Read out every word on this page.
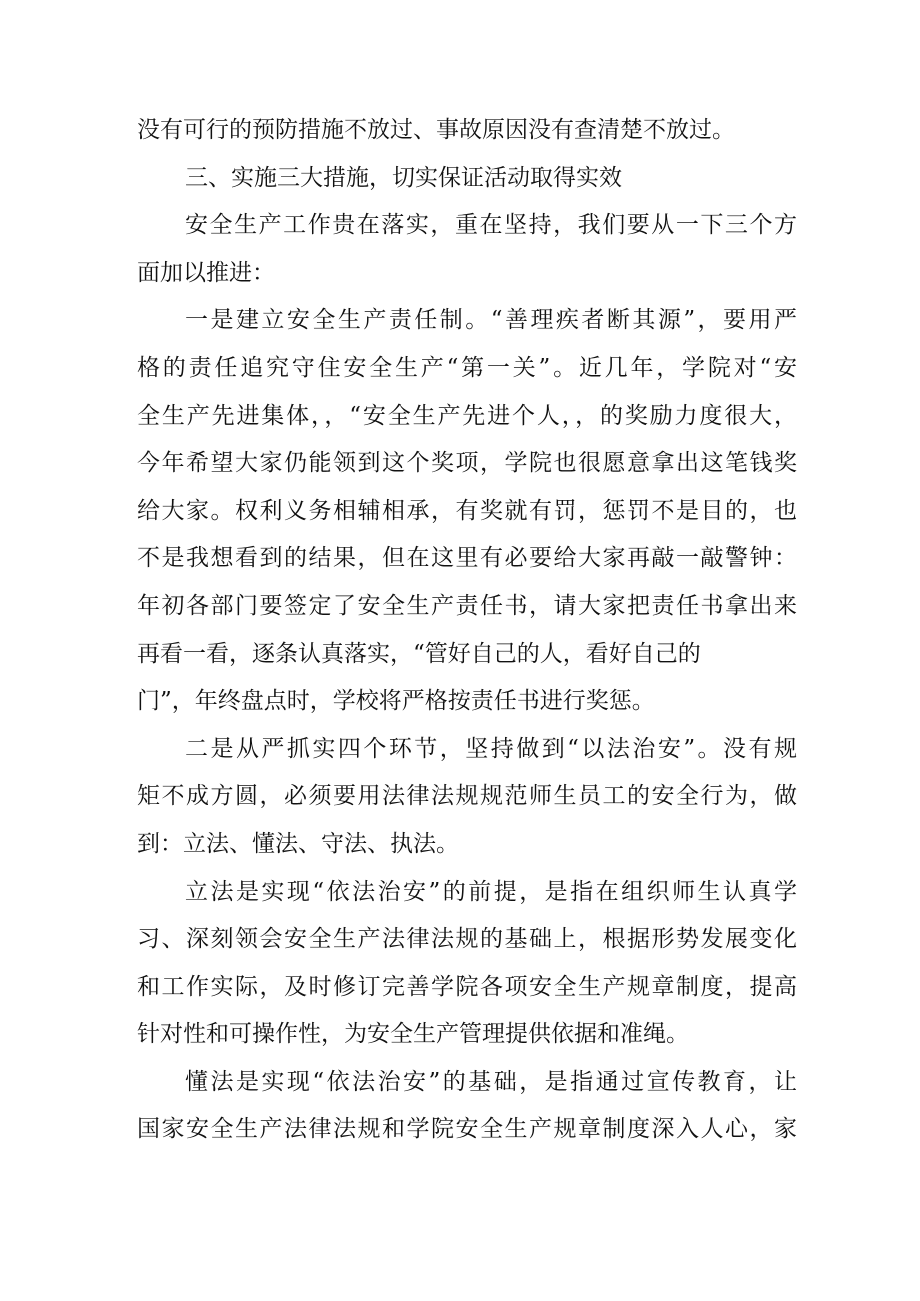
没有可行的预防措施不放过、事故原因没有查清楚不放过。
三、实施三大措施，切实保证活动取得实效
安全生产工作贵在落实，重在坚持，我们要从一下三个方
面加以推进：
一是建立安全生产责任制。“善理疾者断其源”，要用严
格的责任追究守住安全生产“第一关”。近几年，学院对“安
全生产先进集体，，“安全生产先进个人，，的奖励力度很大，
今年希望大家仍能领到这个奖项，学院也很愿意拿出这笔钱奖
给大家。权利义务相辅相承，有奖就有罚，惩罚不是目的，也
不是我想看到的结果，但在这里有必要给大家再敲一敲警钟：
年初各部门要签定了安全生产责任书，请大家把责任书拿出来
再看一看，逐条认真落实，“管好自己的人，看好自己的
门”，年终盘点时，学校将严格按责任书进行奖惩。
二是从严抓实四个环节，坚持做到“以法治安”。没有规
矩不成方圆，必须要用法律法规规范师生员工的安全行为，做
到：立法、懂法、守法、执法。
立法是实现“依法治安”的前提，是指在组织师生认真学
习、深刻领会安全生产法律法规的基础上，根据形势发展变化
和工作实际，及时修订完善学院各项安全生产规章制度，提高
针对性和可操作性，为安全生产管理提供依据和准绳。
懂法是实现“依法治安”的基础，是指通过宣传教育，让
国家安全生产法律法规和学院安全生产规章制度深入人心，家
